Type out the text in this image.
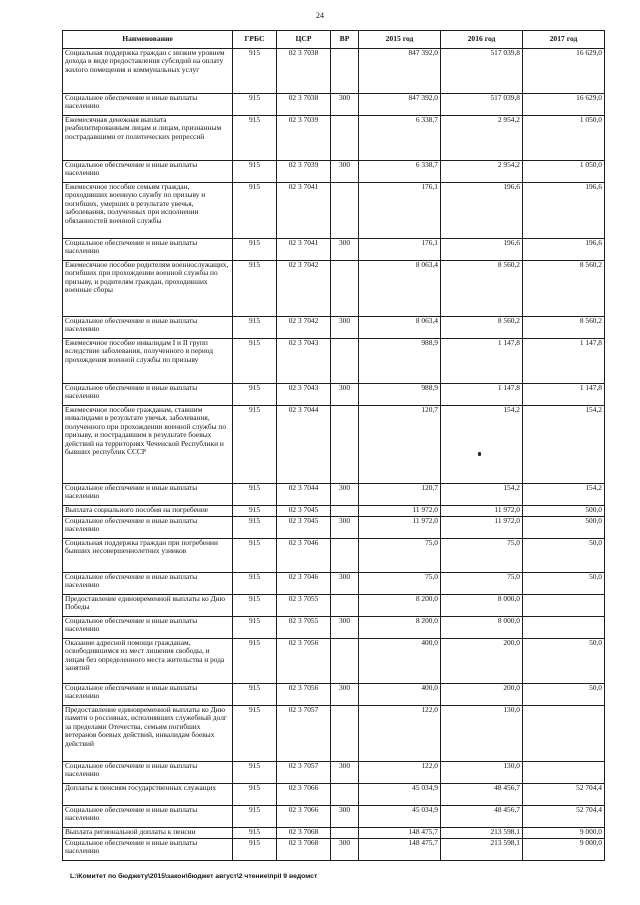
24
Наименование	ГРБС	ЦСР	ВР	2015 год	2016 год	2017 год
Социальная поддержка граждан с низким уровнем дохода в виде предоставления субсидий на оплату жилого помещения и коммунальных услуг	915	02 3 7038		847 392,0	517 039,8	16 629,0
Социальное обеспечение и иные выплаты населению	915	02 3 7038	300	847 392,0	517 039,8	16 629,0
Ежемесячная денежная выплата реабилитированным лицам и лицам, признанным пострадавшими от политических репрессий	915	02 3 7039		6 338,7	2 954,2	1 050,0
Социальное обеспечение и иные выплаты населению	915	02 3 7039	300	6 338,7	2 954,2	1 050,0
Ежемесячное пособие семьям граждан, проходивших военную службу по призыву и погибших, умерших в результате увечья, заболевания, полученных при исполнении обязанностей военной службы	915	02 3 7041		176,1	196,6	196,6
Социальное обеспечение и иные выплаты населению	915	02 3 7041	300	176,1	196,6	196,6
Ежемесячное пособие родителям военнослужащих, погибших при прохождении военной службы по призыву, и родителям граждан, проходивших военные сборы	915	02 3 7042		8 063,4	8 560,2	8 560,2
Социальное обеспечение и иные выплаты населению	915	02 3 7042	300	8 063,4	8 560,2	8 560,2
Ежемесячное пособие инвалидам I и II групп вследствие заболевания, полученного в период прохождения военной службы по призыву	915	02 3 7043		988,9	1 147,8	1 147,8
Социальное обеспечение и иные выплаты населению	915	02 3 7043	300	988,9	1 147,8	1 147,8
Ежемесячное пособие гражданам, ставшим инвалидами в результате увечья, заболевания, полученного при прохождении военной службы по призыву, и пострадавшим в результате боевых действий на территориях Чеченской Республики и бывших республик СССР	915	02 3 7044		120,7	154,2	154,2
Социальное обеспечение и иные выплаты населению	915	02 3 7044	300	120,7	154,2	154,2
Выплата социального пособия на погребение	915	02 3 7045		11 972,0	11 972,0	500,0
Социальное обеспечение и иные выплаты населению	915	02 3 7045	300	11 972,0	11 972,0	500,0
Социальная поддержка граждан при погребении бывших несовершеннолетних узников	915	02 3 7046		75,0	75,0	50,0
Социальное обеспечение и иные выплаты населению	915	02 3 7046	300	75,0	75,0	50,0
Предоставление единовременной выплаты ко Дню Победы	915	02 3 7055		8 200,0	8 000,0	
Социальное обеспечение и иные выплаты населению	915	02 3 7055	300	8 200,0	8 000,0	
Оказание адресной помощи гражданам, освободившимся из мест лишения свободы, и лицам без определенного места жительства и рода занятий	915	02 3 7056		400,0	200,0	50,0
Социальное обеспечение и иные выплаты населению	915	02 3 7056	300	400,0	200,0	50,0
Предоставление единовременной выплаты ко Дню памяти о россиянах, исполнявших служебный долг за пределами Отечества, семьям погибших ветеранов боевых действий, инвалидам боевых действий	915	02 3 7057		122,0	130,0	
Социальное обеспечение и иные выплаты населению	915	02 3 7057	300	122,0	130,0	
Доплаты к пенсиям государственных служащих	915	02 3 7066		45 034,9	48 456,7	52 704,4
Социальное обеспечение и иные выплаты населению	915	02 3 7066	300	45 034,9	48 456,7	52 704,4
Выплата региональной доплаты к пенсии	915	02 3 7068		148 475,7	213 598,1	9 000,0
Социальное обеспечение и иные выплаты населению	915	02 3 7068	300	148 475,7	213 598,1	9 000,0
L:\Комитет по бюджету\2015\закон\бюджет август\2 чтение\прil 9 ведомст
